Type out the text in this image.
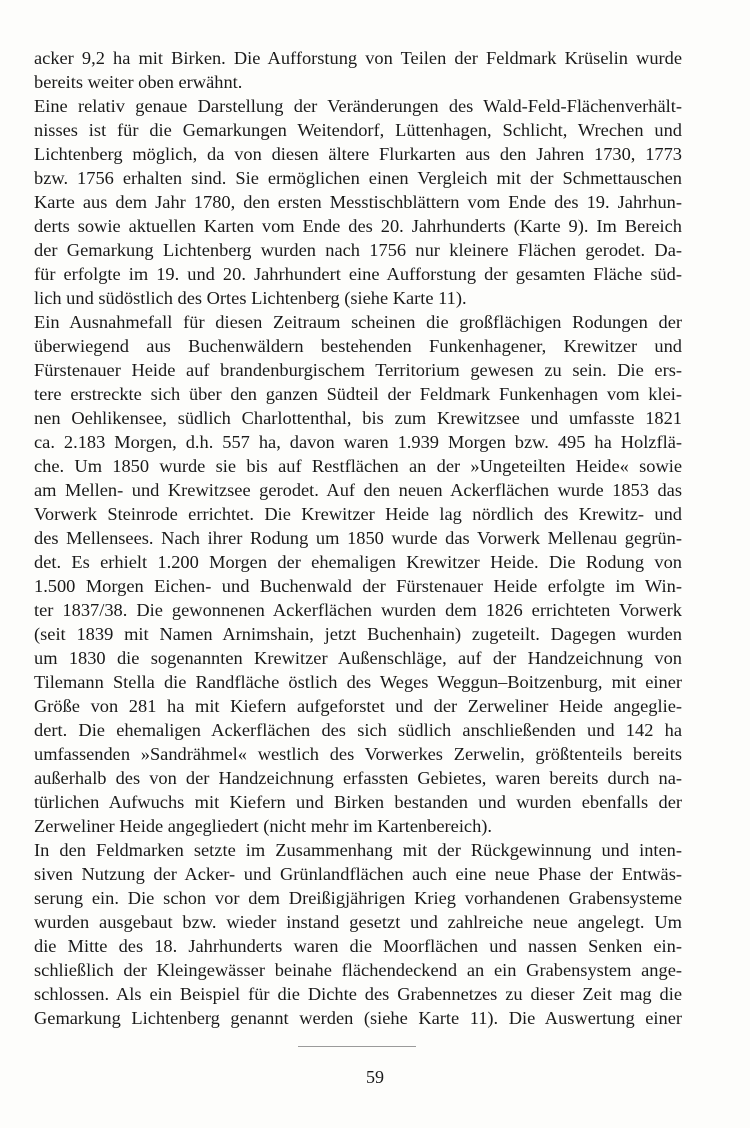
acker 9,2 ha mit Birken. Die Aufforstung von Teilen der Feldmark Krüselin wurde
bereits weiter oben erwähnt.
Eine relativ genaue Darstellung der Veränderungen des Wald-Feld-Flächenverhält-
nisses ist für die Gemarkungen Weitendorf, Lüttenhagen, Schlicht, Wrechen und
Lichtenberg möglich, da von diesen ältere Flurkarten aus den Jahren 1730, 1773
bzw. 1756 erhalten sind. Sie ermöglichen einen Vergleich mit der Schmettauschen
Karte aus dem Jahr 1780, den ersten Messtischblättern vom Ende des 19. Jahrhun-
derts sowie aktuellen Karten vom Ende des 20. Jahrhunderts (Karte 9). Im Bereich
der Gemarkung Lichtenberg wurden nach 1756 nur kleinere Flächen gerodet. Da-
für erfolgte im 19. und 20. Jahrhundert eine Aufforstung der gesamten Fläche süd-
lich und südöstlich des Ortes Lichtenberg (siehe Karte 11).
Ein Ausnahmefall für diesen Zeitraum scheinen die großflächigen Rodungen der
überwiegend aus Buchenwäldern bestehenden Funkenhagener, Krewitzer und
Fürstenauer Heide auf brandenburgischem Territorium gewesen zu sein. Die ers-
tere erstreckte sich über den ganzen Südteil der Feldmark Funkenhagen vom klei-
nen Oehlikensee, südlich Charlottenthal, bis zum Krewitzsee und umfasste 1821
ca. 2.183 Morgen, d.h. 557 ha, davon waren 1.939 Morgen bzw. 495 ha Holzflä-
che. Um 1850 wurde sie bis auf Restflächen an der »Ungeteilten Heide« sowie
am Mellen- und Krewitzsee gerodet. Auf den neuen Ackerflächen wurde 1853 das
Vorwerk Steinrode errichtet. Die Krewitzer Heide lag nördlich des Krewitz- und
des Mellensees. Nach ihrer Rodung um 1850 wurde das Vorwerk Mellenau gegrün-
det. Es erhielt 1.200 Morgen der ehemaligen Krewitzer Heide. Die Rodung von
1.500 Morgen Eichen- und Buchenwald der Fürstenauer Heide erfolgte im Win-
ter 1837/38. Die gewonnenen Ackerflächen wurden dem 1826 errichteten Vorwerk
(seit 1839 mit Namen Arnimshain, jetzt Buchenhain) zugeteilt. Dagegen wurden
um 1830 die sogenannten Krewitzer Außenschläge, auf der Handzeichnung von
Tilemann Stella die Randfläche östlich des Weges Weggun–Boitzenburg, mit einer
Größe von 281 ha mit Kiefern aufgeforstet und der Zerweliner Heide angeglie-
dert. Die ehemaligen Ackerflächen des sich südlich anschließenden und 142 ha
umfassenden »Sandrähmel« westlich des Vorwerkes Zerwelin, größtenteils bereits
außerhalb des von der Handzeichnung erfassten Gebietes, waren bereits durch na-
türlichen Aufwuchs mit Kiefern und Birken bestanden und wurden ebenfalls der
Zerweliner Heide angegliedert (nicht mehr im Kartenbereich).
In den Feldmarken setzte im Zusammenhang mit der Rückgewinnung und inten-
siven Nutzung der Acker- und Grünlandflächen auch eine neue Phase der Entwäs-
serung ein. Die schon vor dem Dreißigjährigen Krieg vorhandenen Grabensysteme
wurden ausgebaut bzw. wieder instand gesetzt und zahlreiche neue angelegt. Um
die Mitte des 18. Jahrhunderts waren die Moorflächen und nassen Senken ein-
schließlich der Kleingewässer beinahe flächendeckend an ein Grabensystem ange-
schlossen. Als ein Beispiel für die Dichte des Grabennetzes zu dieser Zeit mag die
Gemarkung Lichtenberg genannt werden (siehe Karte 11). Die Auswertung einer
59
